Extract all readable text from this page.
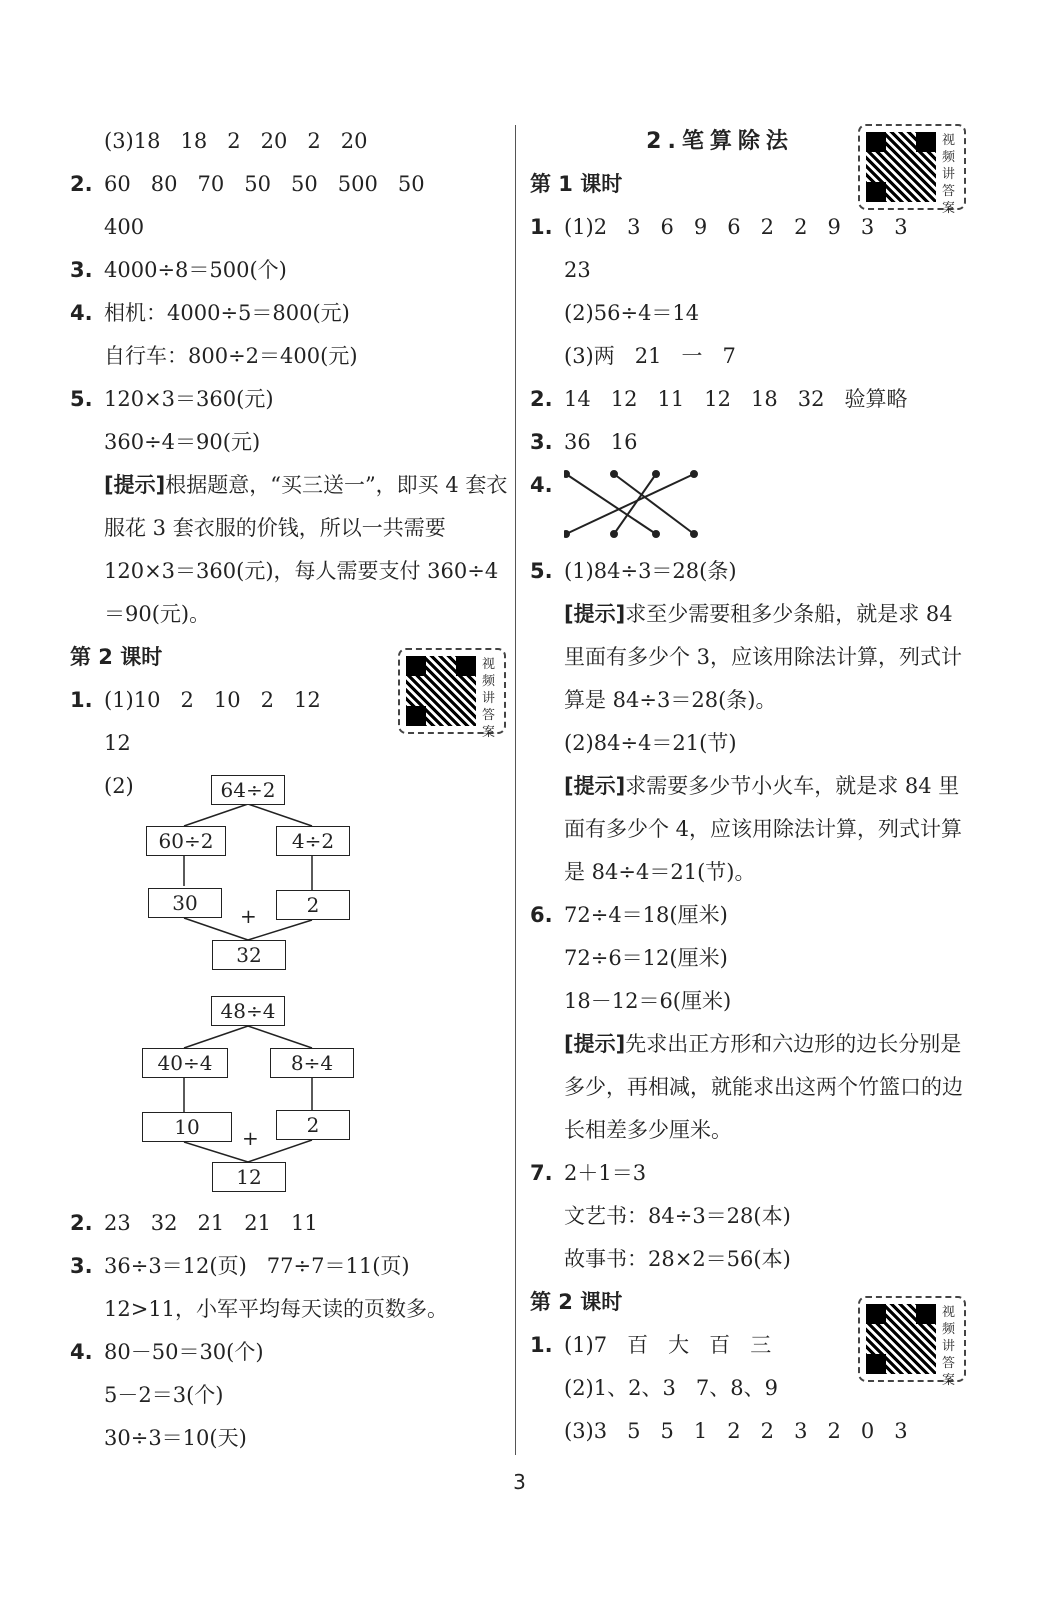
(3)18   18   2   20   2   20
2. 60   80   70   50   50   500   50
400
3. 4000÷8＝500(个)
4. 相机：4000÷5＝800(元)
自行车：800÷2＝400(元)
5. 120×3＝360(元)
360÷4＝90(元)
[提示]根据题意，“买三送一”，即买 4 套衣服花 3 套衣服的价钱，所以一共需要 120×3＝360(元)，每人需要支付 360÷4＝90(元)。
第 2 课时
1. (1)10   2   10   2   12
12
(2)	64÷2
60÷2	4÷2
30	2
+
32
48÷4
40÷4	8÷4
10	2
+
12
2. 23   32   21   21   11
3. 36÷3＝12(页)   77÷7＝11(页)
12>11，小军平均每天读的页数多。
4. 80－50＝30(个)
5－2＝3(个)
30÷3＝10(天)
2.笔算除法
第 1 课时
1. (1)2   3   6   9   6   2   2   9   3   3
23
(2)56÷4＝14
(3)两   21   一   7
2. 14   12   11   12   18   32   验算略
3. 36   16
4.

5. (1)84÷3＝28(条)
[提示]求至少需要租多少条船，就是求 84 里面有多少个 3，应该用除法计算，列式计算是 84÷3＝28(条)。
(2)84÷4＝21(节)
[提示]求需要多少节小火车，就是求 84 里面有多少个 4，应该用除法计算，列式计算是 84÷4＝21(节)。
6. 72÷4＝18(厘米)
72÷6＝12(厘米)
18－12＝6(厘米)
[提示]先求出正方形和六边形的边长分别是多少，再相减，就能求出这两个竹篮口的边长相差多少厘米。
7. 2＋1＝3
文艺书：84÷3＝28(本)
故事书：28×2＝56(本)
第 2 课时
1. (1)7   百   大   百   三
(2)1、2、3   7、8、9
(3)3   5   5   1   2   2   3   2   0   3
视频讲答案
视频讲答案
视频讲答案
3
